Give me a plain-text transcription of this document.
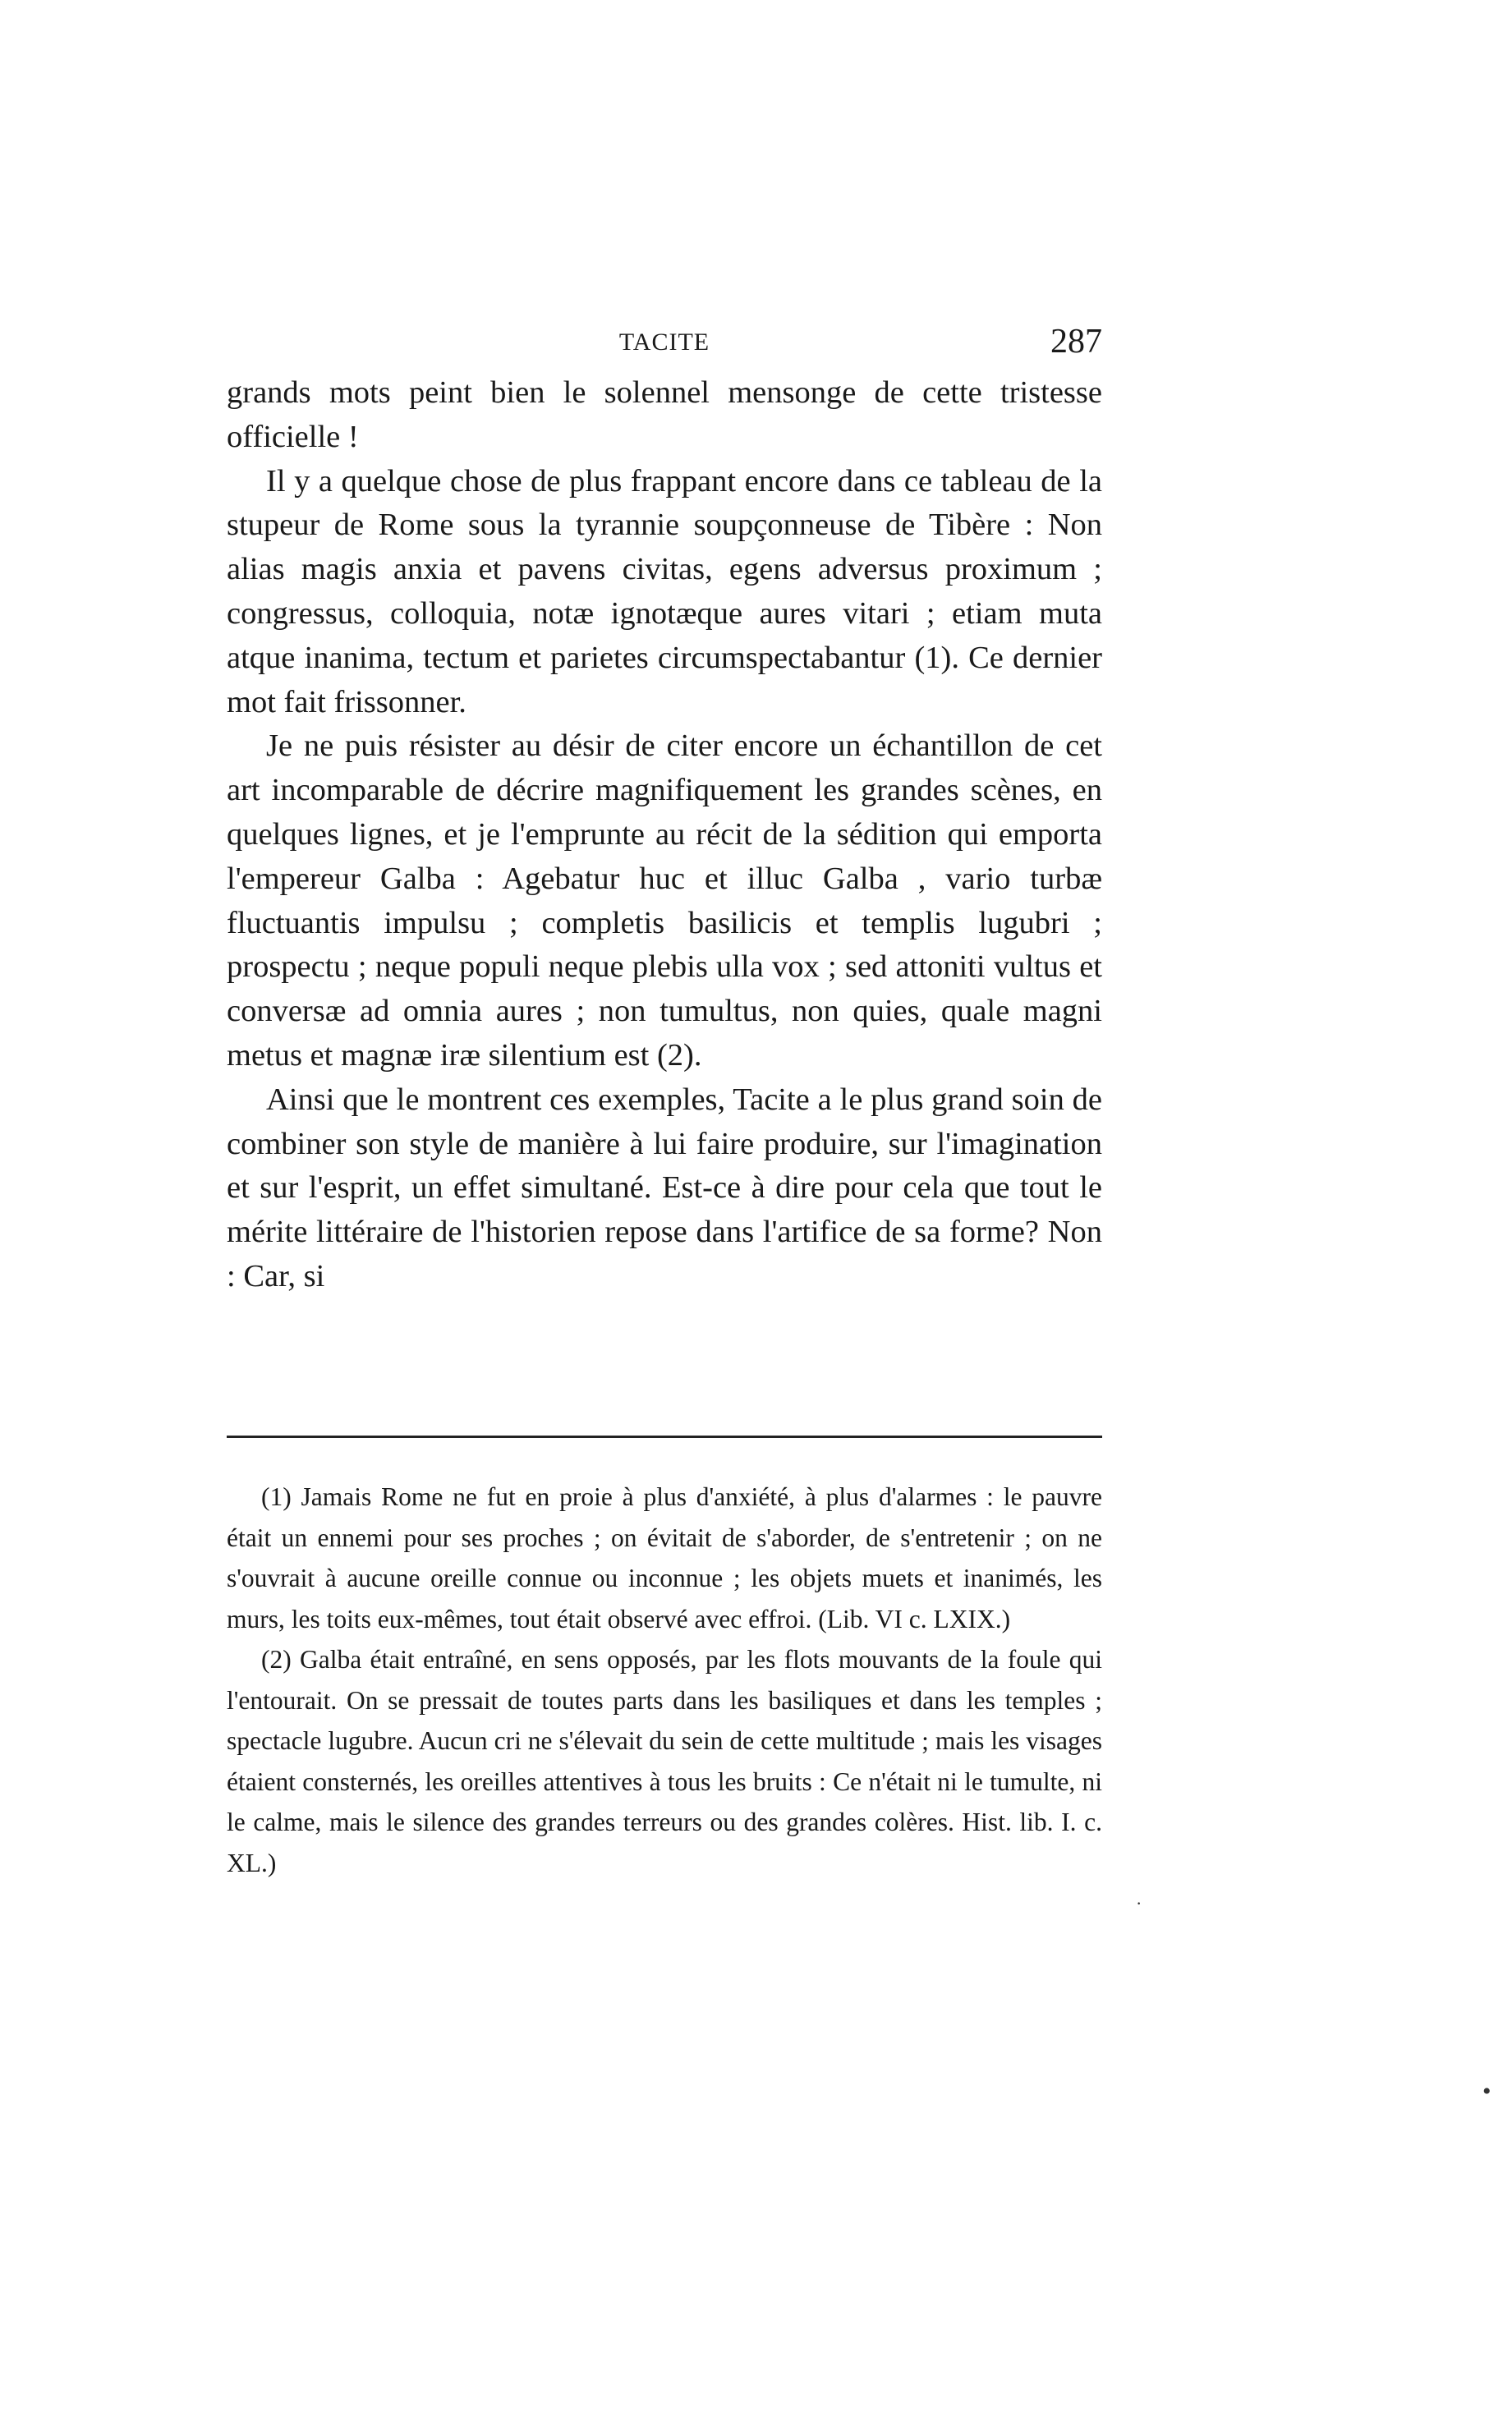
TACITE	287

grands mots peint bien le solennel mensonge de cette tristesse officielle !

Il y a quelque chose de plus frappant encore dans ce tableau de la stupeur de Rome sous la tyrannie soupçonneuse de Tibère : Non alias magis anxia et pavens civitas, egens adversus proximum ; congressus, colloquia, notæ ignotæque aures vitari ; etiam muta atque inanima, tectum et parietes circumspectabantur (1). Ce dernier mot fait frissonner.

Je ne puis résister au désir de citer encore un échantillon de cet art incomparable de décrire magnifiquement les grandes scènes, en quelques lignes, et je l'emprunte au récit de la sédition qui emporta l'empereur Galba : Agebatur huc et illuc Galba , vario turbæ fluctuantis impulsu ; completis basilicis et templis lugubri ; prospectu ; neque populi neque plebis ulla vox ; sed attoniti vultus et conversæ ad omnia aures ; non tumultus, non quies, quale magni metus et magnæ iræ silentium est (2).

Ainsi que le montrent ces exemples, Tacite a le plus grand soin de combiner son style de manière à lui faire produire, sur l'imagination et sur l'esprit, un effet simultané. Est-ce à dire pour cela que tout le mérite littéraire de l'historien repose dans l'artifice de sa forme? Non : Car, si

(1) Jamais Rome ne fut en proie à plus d'anxiété, à plus d'alarmes : le pauvre était un ennemi pour ses proches ; on évitait de s'aborder, de s'entretenir ; on ne s'ouvrait à aucune oreille connue ou inconnue ; les objets muets et inanimés, les murs, les toits eux-mêmes, tout était observé avec effroi. (Lib. VI c. LXIX.)

(2) Galba était entraîné, en sens opposés, par les flots mouvants de la foule qui l'entourait. On se pressait de toutes parts dans les basiliques et dans les temples ; spectacle lugubre. Aucun cri ne s'élevait du sein de cette multitude ; mais les visages étaient consternés, les oreilles attentives à tous les bruits : Ce n'était ni le tumulte, ni le calme, mais le silence des grandes terreurs ou des grandes colères. Hist. lib. I. c. XL.)

•
·
